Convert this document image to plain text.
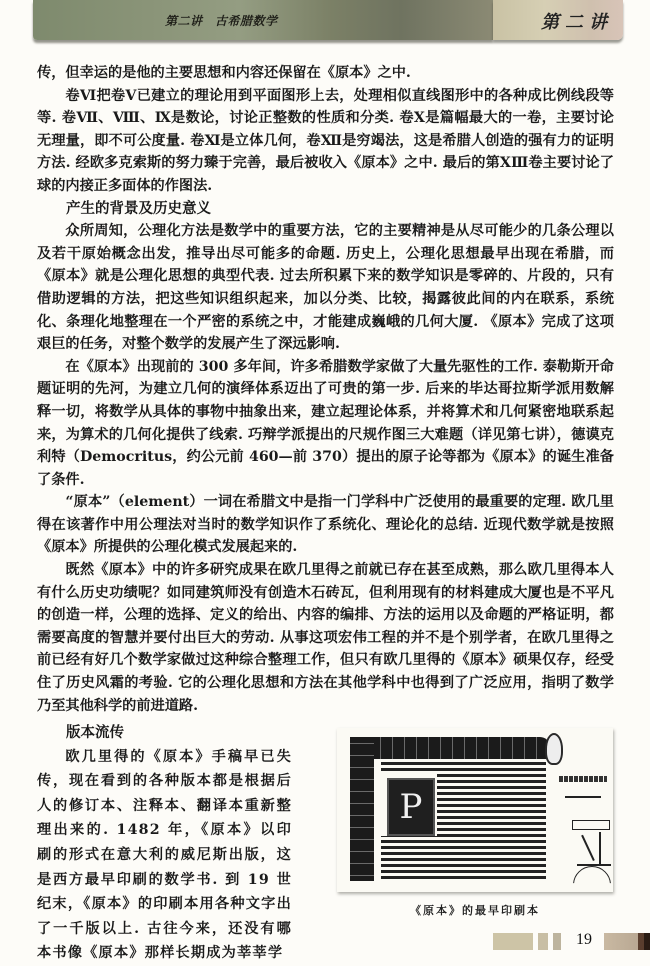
第二讲　古希腊数学	第二讲

传，但幸运的是他的主要思想和内容还保留在《原本》之中.

卷Ⅵ把卷Ⅴ已建立的理论用到平面图形上去，处理相似直线图形中的各种成比例线段等等. 卷Ⅶ、Ⅷ、Ⅸ是数论，讨论正整数的性质和分类. 卷Ⅹ是篇幅最大的一卷，主要讨论无理量，即不可公度量. 卷Ⅺ是立体几何，卷Ⅻ是穷竭法，这是希腊人创造的强有力的证明方法. 经欧多克索斯的努力臻于完善，最后被收入《原本》之中. 最后的第ⅩⅢ卷主要讨论了球的内接正多面体的作图法.

产生的背景及历史意义

众所周知，公理化方法是数学中的重要方法，它的主要精神是从尽可能少的几条公理以及若干原始概念出发，推导出尽可能多的命题. 历史上，公理化思想最早出现在希腊，而《原本》就是公理化思想的典型代表. 过去所积累下来的数学知识是零碎的、片段的，只有借助逻辑的方法，把这些知识组织起来，加以分类、比较，揭露彼此间的内在联系，系统化、条理化地整理在一个严密的系统之中，才能建成巍峨的几何大厦. 《原本》完成了这项艰巨的任务，对整个数学的发展产生了深远影响.

在《原本》出现前的 300 多年间，许多希腊数学家做了大量先驱性的工作. 泰勒斯开命题证明的先河，为建立几何的演绎体系迈出了可贵的第一步. 后来的毕达哥拉斯学派用数解释一切，将数学从具体的事物中抽象出来，建立起理论体系，并将算术和几何紧密地联系起来，为算术的几何化提供了线索. 巧辩学派提出的尺规作图三大难题（详见第七讲），德谟克利特（Democritus，约公元前 460—前 370）提出的原子论等都为《原本》的诞生准备了条件.

“原本”（element）一词在希腊文中是指一门学科中广泛使用的最重要的定理. 欧几里得在该著作中用公理法对当时的数学知识作了系统化、理论化的总结. 近现代数学就是按照《原本》所提供的公理化模式发展起来的.

既然《原本》中的许多研究成果在欧几里得之前就已存在甚至成熟，那么欧几里得本人有什么历史功绩呢？如同建筑师没有创造木石砖瓦，但利用现有的材料建成大厦也是不平凡的创造一样，公理的选择、定义的给出、内容的编排、方法的运用以及命题的严格证明，都需要高度的智慧并要付出巨大的劳动. 从事这项宏伟工程的并不是个别学者，在欧几里得之前已经有好几个数学家做过这种综合整理工作，但只有欧几里得的《原本》硕果仅存，经受住了历史风霜的考验. 它的公理化思想和方法在其他学科中也得到了广泛应用，指明了数学乃至其他科学的前进道路.

版本流传

欧几里得的《原本》手稿早已失传，现在看到的各种版本都是根据后人的修订本、注释本、翻译本重新整理出来的. 1482 年，《原本》以印刷的形式在意大利的威尼斯出版，这是西方最早印刷的数学书. 到 19 世纪末，《原本》的印刷本用各种文字出了一千版以上. 古往今来，还没有哪本书像《原本》那样长期成为莘莘学

P
《原本》的最早印刷本
19
